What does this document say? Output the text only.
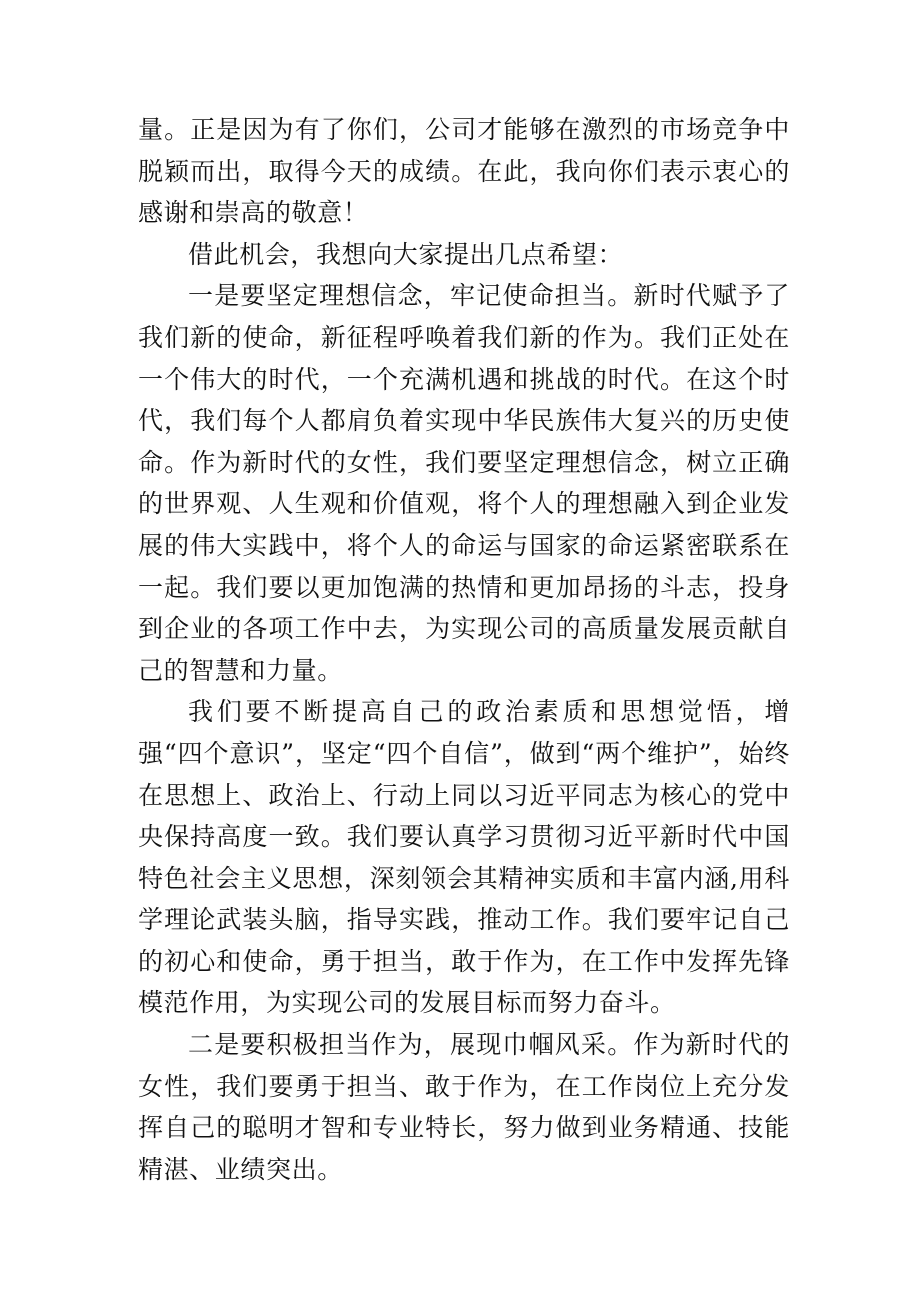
量。正是因为有了你们，公司才能够在激烈的市场竞争中脱颖而出，取得今天的成绩。在此，我向你们表示衷心的感谢和崇高的敬意！

借此机会，我想向大家提出几点希望：

一是要坚定理想信念，牢记使命担当。新时代赋予了我们新的使命，新征程呼唤着我们新的作为。我们正处在一个伟大的时代，一个充满机遇和挑战的时代。在这个时代，我们每个人都肩负着实现中华民族伟大复兴的历史使命。作为新时代的女性，我们要坚定理想信念，树立正确的世界观、人生观和价值观，将个人的理想融入到企业发展的伟大实践中，将个人的命运与国家的命运紧密联系在一起。我们要以更加饱满的热情和更加昂扬的斗志，投身到企业的各项工作中去，为实现公司的高质量发展贡献自己的智慧和力量。

我们要不断提高自己的政治素质和思想觉悟，增强“四个意识”，坚定“四个自信”，做到“两个维护”，始终在思想上、政治上、行动上同以习近平同志为核心的党中央保持高度一致。我们要认真学习贯彻习近平新时代中国特色社会主义思想，深刻领会其精神实质和丰富内涵,用科学理论武装头脑，指导实践，推动工作。我们要牢记自己的初心和使命，勇于担当，敢于作为，在工作中发挥先锋模范作用，为实现公司的发展目标而努力奋斗。

二是要积极担当作为，展现巾帼风采。作为新时代的女性，我们要勇于担当、敢于作为，在工作岗位上充分发挥自己的聪明才智和专业特长，努力做到业务精通、技能精湛、业绩突出。
